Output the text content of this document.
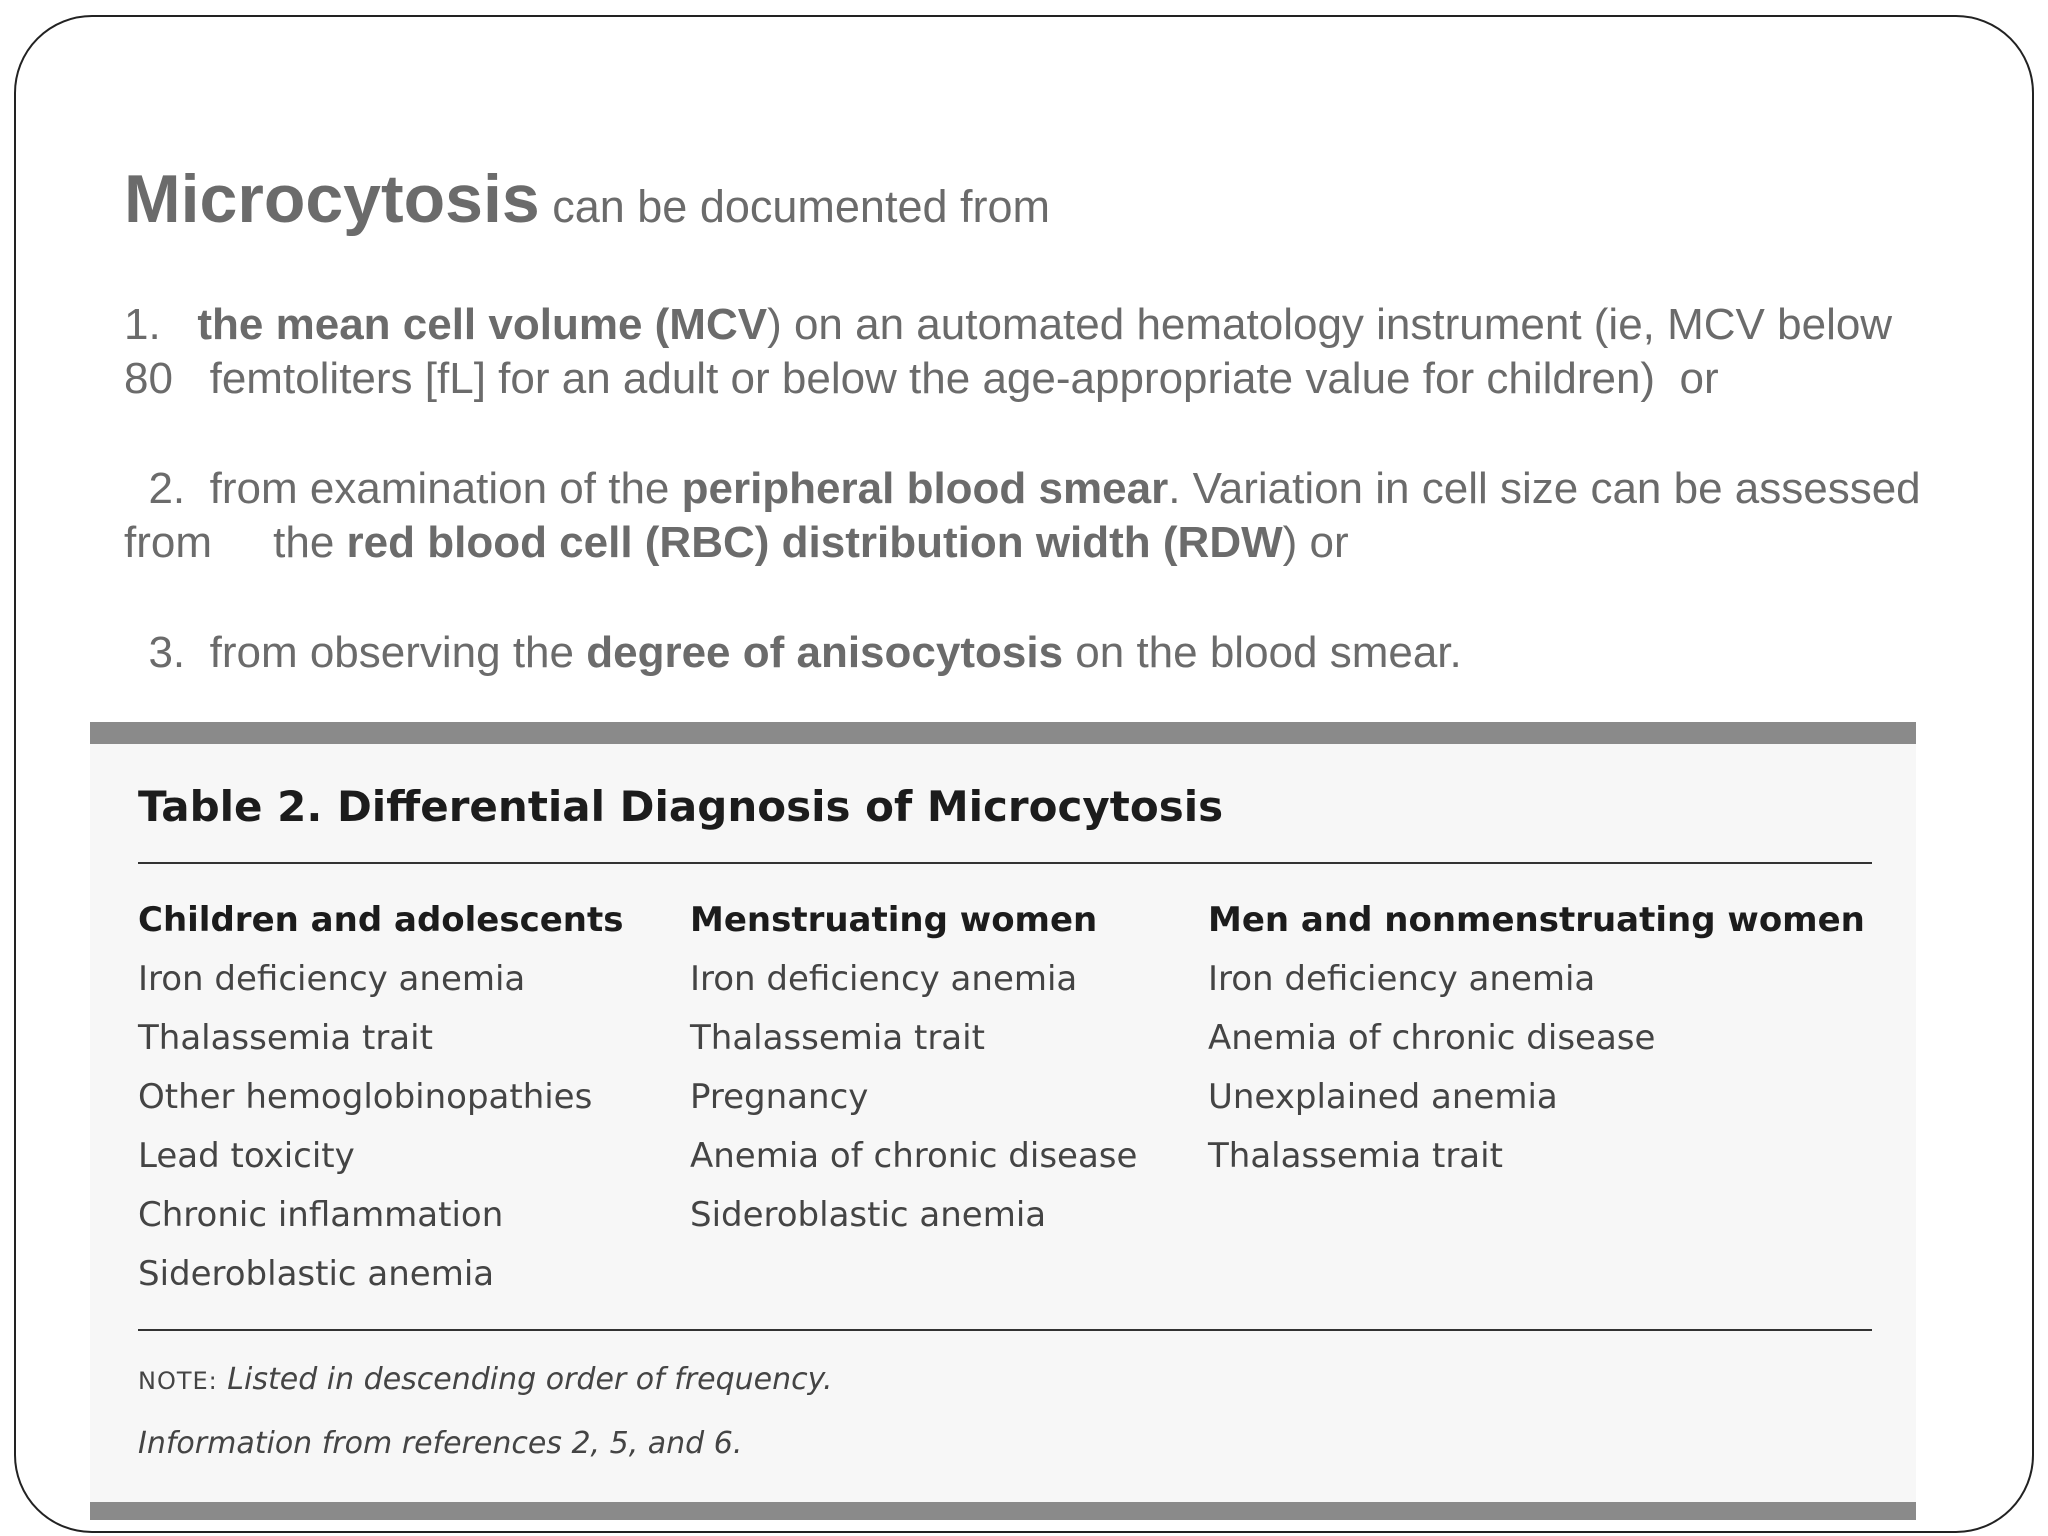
Microcytosis can be documented from

1.   the mean cell volume (MCV) on an automated hematology instrument (ie, MCV below 80   femtoliters [fL] for an adult or below the age-appropriate value for children)  or

2.  from examination of the peripheral blood smear. Variation in cell size can be assessed from     the red blood cell (RBC) distribution width (RDW) or

3.  from observing the degree of anisocytosis on the blood smear.

Table 2. Differential Diagnosis of Microcytosis
Children and adolescents
Iron deficiency anemia
Thalassemia trait
Other hemoglobinopathies
Lead toxicity
Chronic inflammation
Sideroblastic anemia
Menstruating women
Iron deficiency anemia
Thalassemia trait
Pregnancy
Anemia of chronic disease
Sideroblastic anemia
Men and nonmenstruating women
Iron deficiency anemia
Anemia of chronic disease
Unexplained anemia
Thalassemia trait
NOTE: Listed in descending order of frequency.
Information from references 2, 5, and 6.
